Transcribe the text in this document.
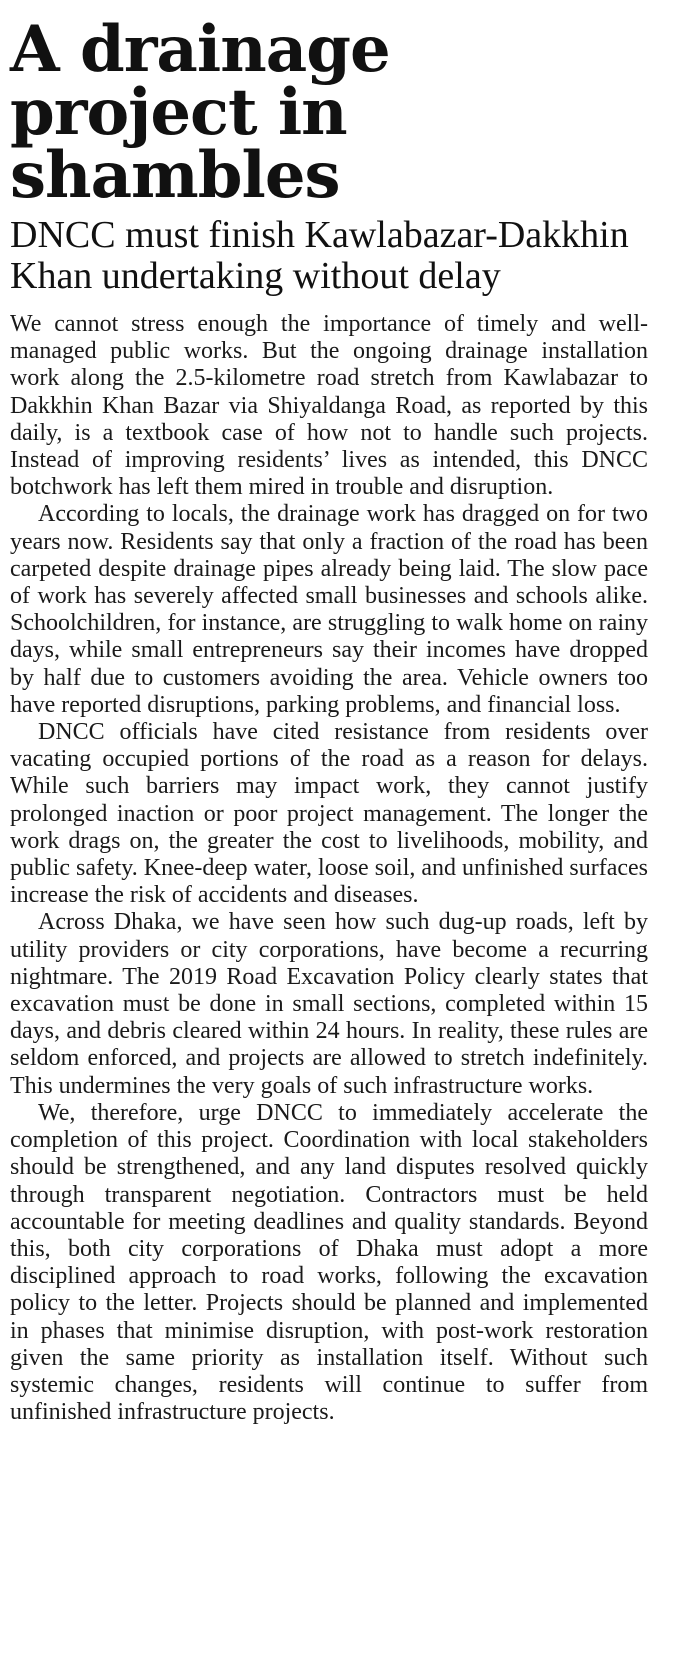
A drainage project in shambles
DNCC must finish Kawlabazar-Dakkhin Khan undertaking without delay

We cannot stress enough the importance of timely and well-managed public works. But the ongoing drainage installation work along the 2.5-kilometre road stretch from Kawlabazar to Dakkhin Khan Bazar via Shiyaldanga Road, as reported by this daily, is a textbook case of how not to handle such projects. Instead of improving residents’ lives as intended, this DNCC botchwork has left them mired in trouble and disruption.

According to locals, the drainage work has dragged on for two years now. Residents say that only a fraction of the road has been carpeted despite drainage pipes already being laid. The slow pace of work has severely affected small businesses and schools alike. Schoolchildren, for instance, are struggling to walk home on rainy days, while small entrepreneurs say their incomes have dropped by half due to customers avoiding the area. Vehicle owners too have reported disruptions, parking problems, and financial loss.

DNCC officials have cited resistance from residents over vacating occupied portions of the road as a reason for delays. While such barriers may impact work, they cannot justify prolonged inaction or poor project management. The longer the work drags on, the greater the cost to livelihoods, mobility, and public safety. Knee-deep water, loose soil, and unfinished surfaces increase the risk of accidents and diseases.

Across Dhaka, we have seen how such dug-up roads, left by utility providers or city corporations, have become a recurring nightmare. The 2019 Road Excavation Policy clearly states that excavation must be done in small sections, completed within 15 days, and debris cleared within 24 hours. In reality, these rules are seldom enforced, and projects are allowed to stretch indefinitely. This undermines the very goals of such infrastructure works.

We, therefore, urge DNCC to immediately accelerate the completion of this project. Coordination with local stakeholders should be strengthened, and any land disputes resolved quickly through transparent negotiation. Contractors must be held accountable for meeting deadlines and quality standards. Beyond this, both city corporations of Dhaka must adopt a more disciplined approach to road works, following the excavation policy to the letter. Projects should be planned and implemented in phases that minimise disruption, with post-work restoration given the same priority as installation itself. Without such systemic changes, residents will continue to suffer from unfinished infrastructure projects.
